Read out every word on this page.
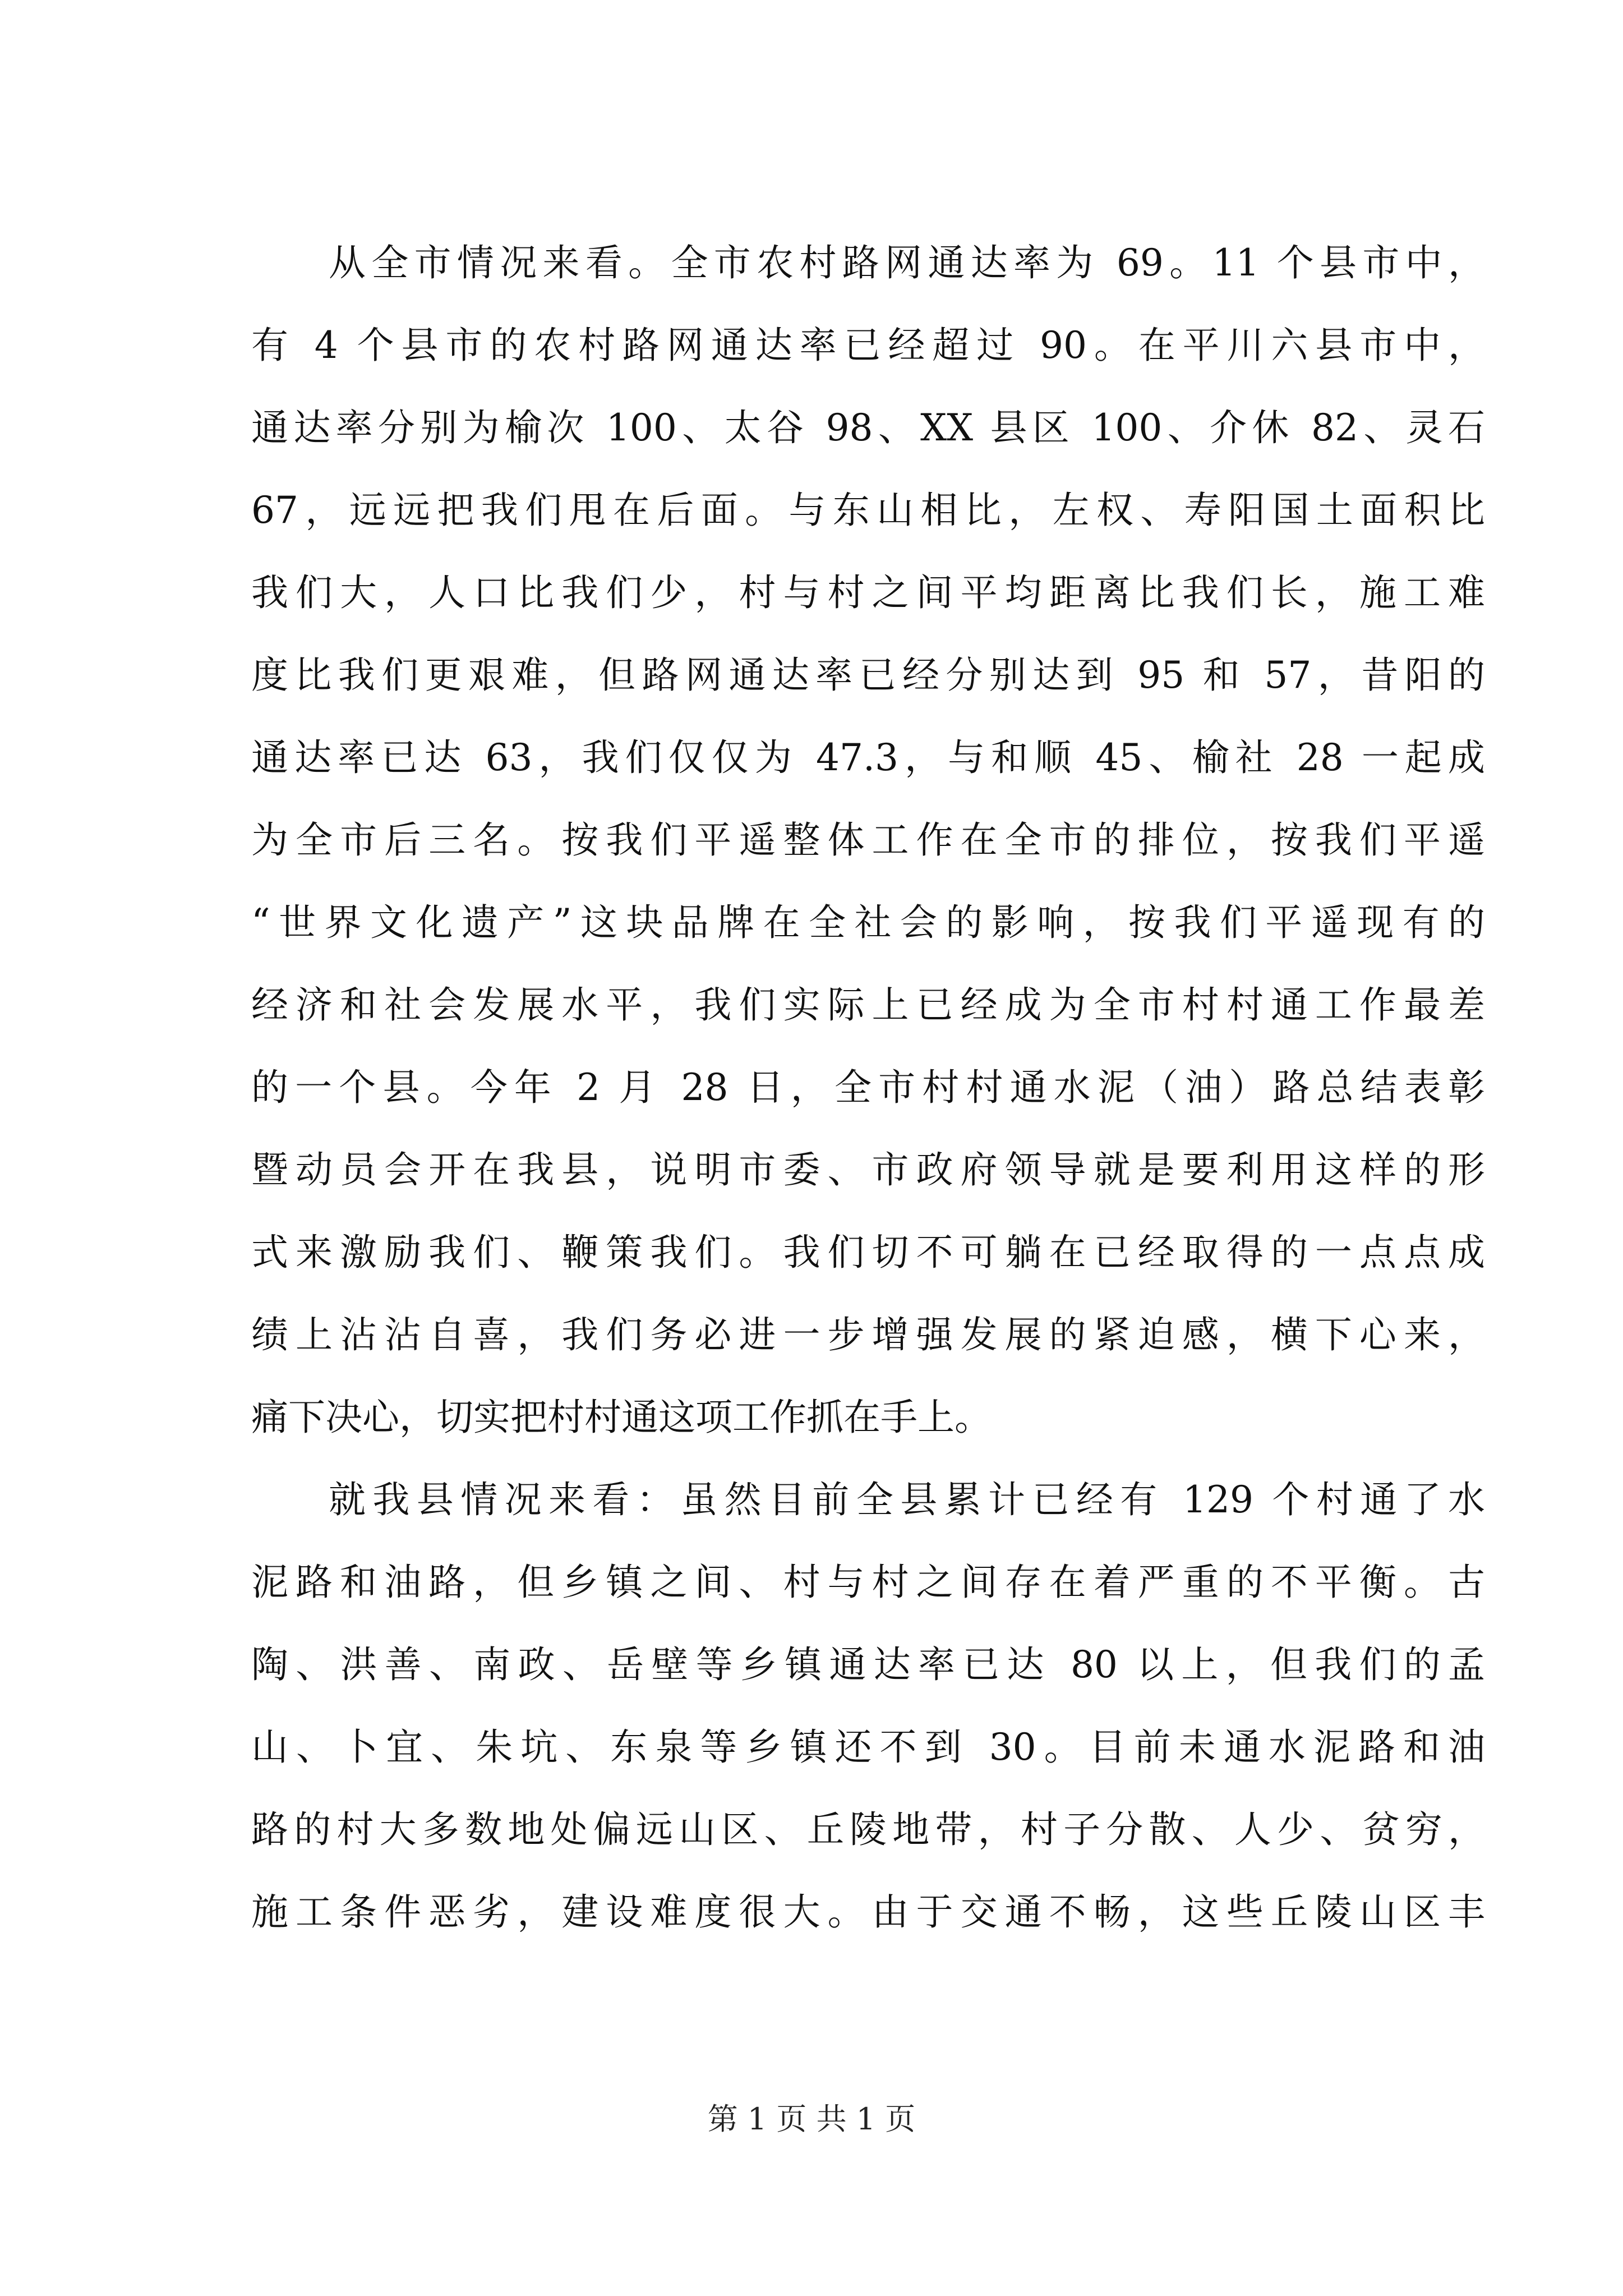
从全市情况来看。全市农村路网通达率为 69。11 个县市中，
有 4 个县市的农村路网通达率已经超过 90。在平川六县市中，
通达率分别为榆次 100、太谷 98、XX 县区 100、介休 82、灵石
67，远远把我们甩在后面。与东山相比，左权、寿阳国土面积比
我们大，人口比我们少，村与村之间平均距离比我们长，施工难
度比我们更艰难，但路网通达率已经分别达到 95 和 57，昔阳的
通达率已达 63，我们仅仅为 47.3，与和顺 45、榆社 28 一起成
为全市后三名。按我们平遥整体工作在全市的排位，按我们平遥
“世界文化遗产”这块品牌在全社会的影响，按我们平遥现有的
经济和社会发展水平，我们实际上已经成为全市村村通工作最差
的一个县。今年 2 月 28 日，全市村村通水泥（油）路总结表彰
暨动员会开在我县，说明市委、市政府领导就是要利用这样的形
式来激励我们、鞭策我们。我们切不可躺在已经取得的一点点成
绩上沾沾自喜，我们务必进一步增强发展的紧迫感，横下心来，
痛下决心，切实把村村通这项工作抓在手上。
就我县情况来看：虽然目前全县累计已经有 129 个村通了水
泥路和油路，但乡镇之间、村与村之间存在着严重的不平衡。古
陶、洪善、南政、岳壁等乡镇通达率已达 80 以上，但我们的孟
山、卜宜、朱坑、东泉等乡镇还不到 30。目前未通水泥路和油
路的村大多数地处偏远山区、丘陵地带，村子分散、人少、贫穷，
施工条件恶劣，建设难度很大。由于交通不畅，这些丘陵山区丰
第 1 页 共 1 页
